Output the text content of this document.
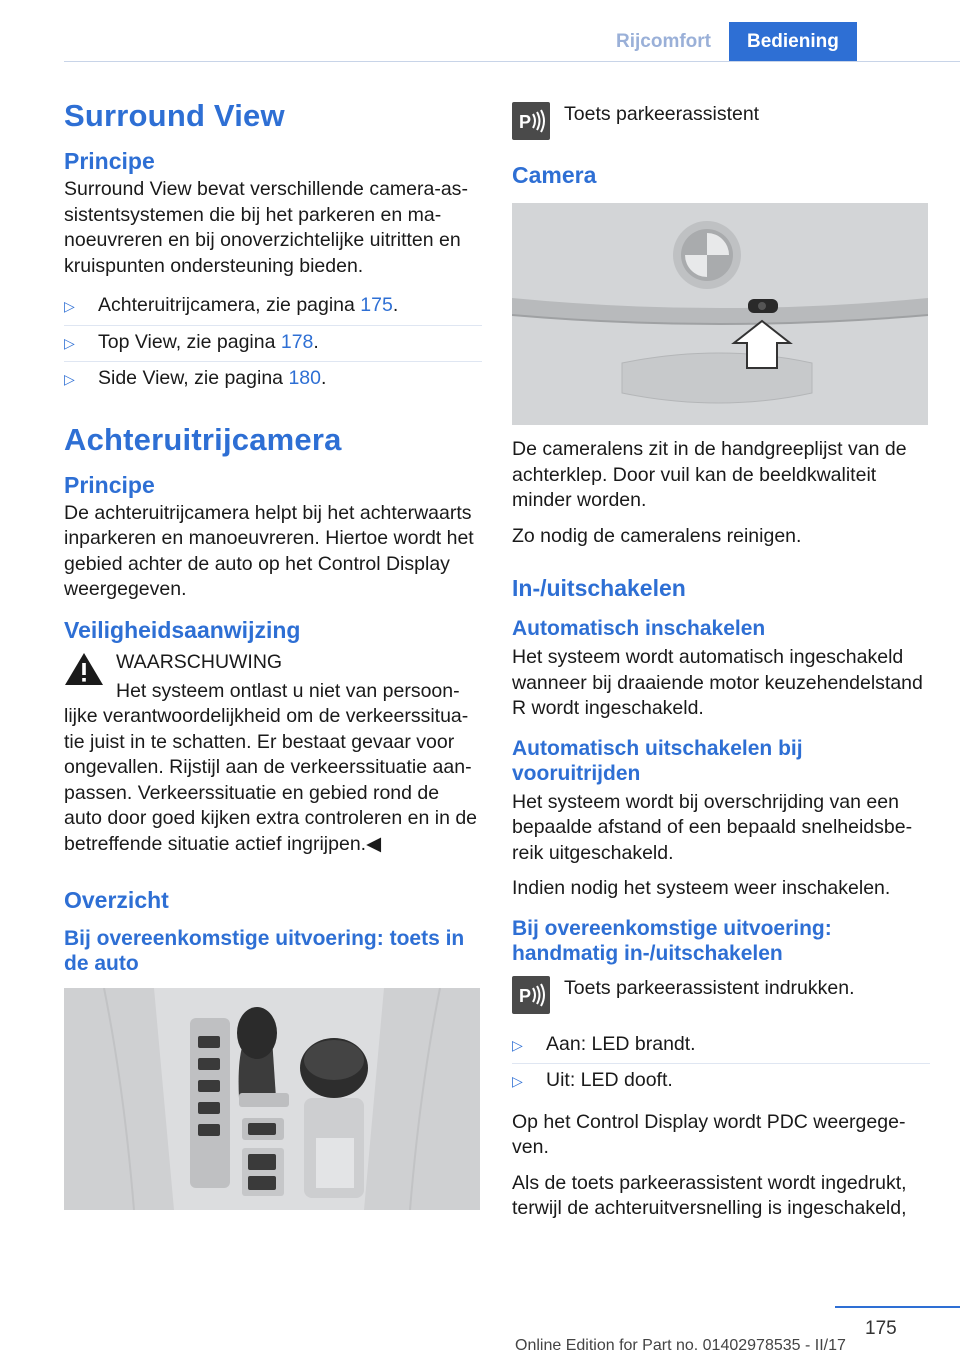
Rijcomfort	Bediening
Surround View
Principe

Surround View bevat verschillende camera-assistentsystemen die bij het parkeren en manoeuvreren en bij onoverzichtelijke uitritten en kruispunten ondersteuning bieden.

▷ Achteruitrijcamera, zie pagina 175.
▷ Top View, zie pagina 178.
▷ Side View, zie pagina 180.
Achteruitrijcamera
Principe

De achteruitrijcamera helpt bij het achterwaarts inparkeren en manoeuvreren. Hiertoe wordt het gebied achter de auto op het Control Display weergegeven.

Veiligheidsaanwijzing
WAARSCHUWING
Het systeem ontlast u niet van persoonlijke verantwoordelijkheid om de verkeerssituatie juist in te schatten. Er bestaat gevaar voor ongevallen. Rijstijl aan de verkeerssituatie aanpassen. Verkeerssituatie en gebied rond de auto door goed kijken extra controleren en in de betreffende situatie actief ingrijpen.◀
Overzicht
Bij overeenkomstige uitvoering: toets in de auto
P Toets parkeerassistent

Camera

De cameralens zit in de handgreeplijst van de achterklep. Door vuil kan de beeldkwaliteit minder worden.

Zo nodig de cameralens reinigen.

In-/uitschakelen
Automatisch inschakelen

Het systeem wordt automatisch ingeschakeld wanneer bij draaiende motor keuzehendelstand R wordt ingeschakeld.

Automatisch uitschakelen bij vooruitrijden

Het systeem wordt bij overschrijding van een bepaalde afstand of een bepaald snelheidsbereik uitgeschakeld.

Indien nodig het systeem weer inschakelen.

Bij overeenkomstige uitvoering: handmatig in-/uitschakelen
P Toets parkeerassistent indrukken.

▷ Aan: LED brandt.
▷ Uit: LED dooft.

Op het Control Display wordt PDC weergegeven.

Als de toets parkeerassistent wordt ingedrukt, terwijl de achteruitversnelling is ingeschakeld,

175
Online Edition for Part no. 01402978535 - II/17
